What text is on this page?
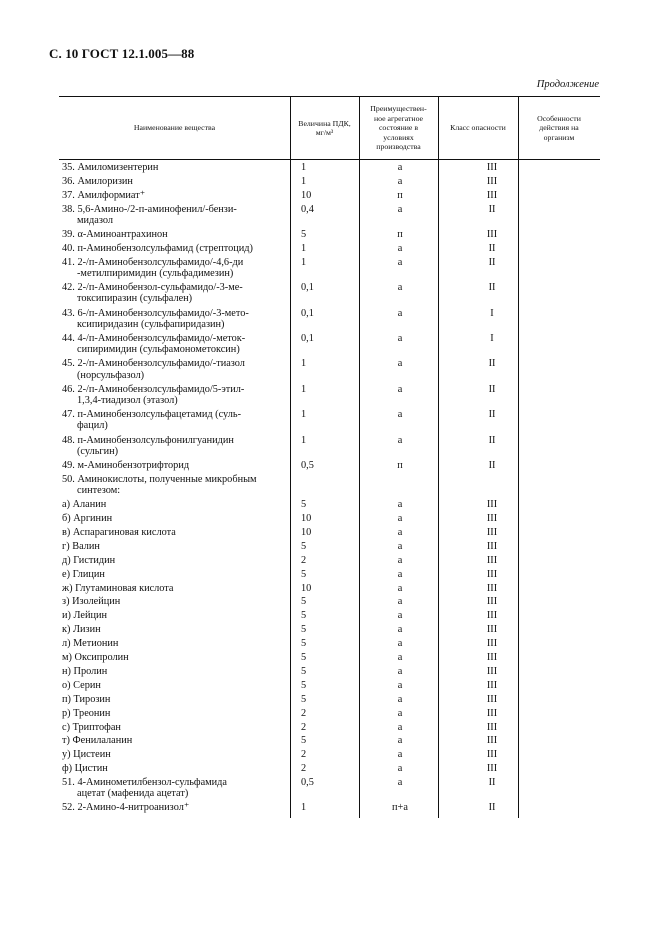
С. 10 ГОСТ 12.1.005—88
Продолжение
Наименование вещества
Величина ПДК,
мг/м³
Преимуществен-
ное агрегатное
состояние в
условиях
производства
Класс опасности
Особенности
действия на
организм
35. Амиломизентерин	1	а	III
36. Амилоризин	1	а	III
37. Амилформиат⁺	10	п	III
38. 5,6-Амино-/2-п-аминофенил/-бензи-
мидазол
0,4	а	II
39. α-Аминоантрахинон	5	п	III
40. п-Аминобензолсульфамид (стрептоцид)	1	а	II
41. 2-/п-Аминобензолсульфамидо/-4,6-ди
-метилпиримидин (сульфадимезин)
1	а	II
42. 2-/п-Аминобензол-сульфамидо/-3-ме-
токсипиразин (сульфален)
0,1	а	II
43. 6-/п-Аминобензолсульфамидо/-3-мето-
ксипиридазин (сульфапиридазин)
0,1	а	I
44. 4-/п-Аминобензолсульфамидо/-меток-
сипиримидин (сульфамонометоксин)
0,1	а	I
45. 2-/п-Аминобензолсульфамидо/-тиазол
(норсульфазол)
1	а	II
46. 2-/п-Аминобензолсульфамидо/5-этил-
1,3,4-тиадизол (этазол)
1	а	II
47. п-Аминобензолсульфацетамид (суль-
фацил)
1	а	II
48. п-Аминобензолсульфонилгуанидин
(сульгин)
1	а	II
49. м-Аминобензотрифторид	0,5	п	II
50. Аминокислоты, полученные микробным
синтезом:
а) Аланин	5	а	III
б) Аргинин	10	а	III
в) Аспарагиновая кислота	10	а	III
г) Валин	5	а	III
д) Гистидин	2	а	III
е) Глицин	5	а	III
ж) Глутаминовая кислота	10	а	III
з) Изолейцин	5	а	III
и) Лейцин	5	а	III
к) Лизин	5	а	III
л) Метионин	5	а	III
м) Оксипролин	5	а	III
н) Пролин	5	а	III
о) Серин	5	а	III
п) Тирозин	5	а	III
р) Треонин	2	а	III
с) Триптофан	2	а	III
т) Фенилаланин	5	а	III
у) Цистеин	2	а	III
ф) Цистин	2	а	III
51. 4-Аминометилбензол-сульфамида
ацетат (мафенида ацетат)
0,5	а	II
52. 2-Амино-4-нитроанизол⁺	1	п+а	II
